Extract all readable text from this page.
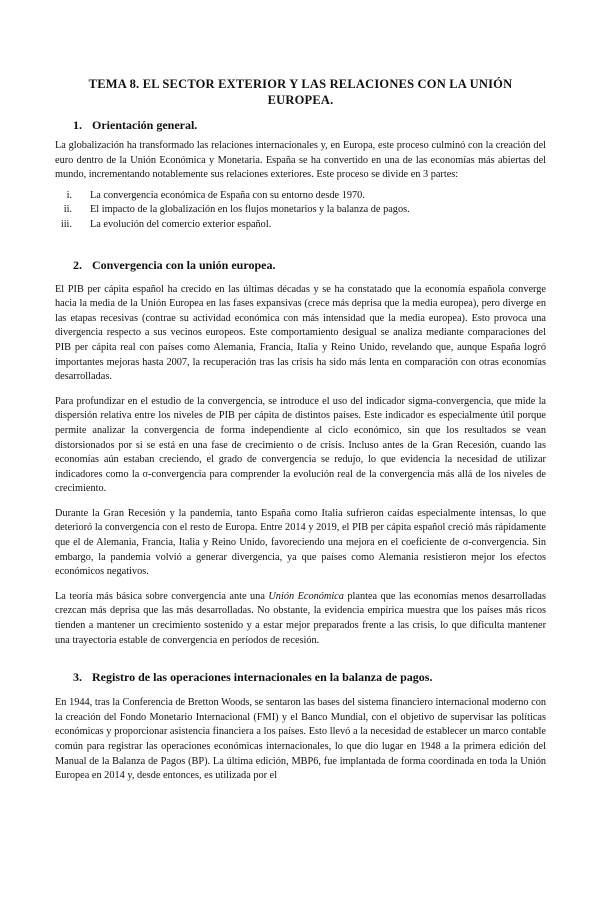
TEMA 8. EL SECTOR EXTERIOR Y LAS RELACIONES CON LA UNIÓN EUROPEA.
1. Orientación general.

La globalización ha transformado las relaciones internacionales y, en Europa, este proceso culminó con la creación del euro dentro de la Unión Económica y Monetaria. España se ha convertido en una de las economías más abiertas del mundo, incrementando notablemente sus relaciones exteriores. Este proceso se divide en 3 partes:

i. La convergencia económica de España con su entorno desde 1970.
ii. El impacto de la globalización en los flujos monetarios y la balanza de pagos.
iii. La evolución del comercio exterior español.
2. Convergencia con la unión europea.

El PIB per cápita español ha crecido en las últimas décadas y se ha constatado que la economía española converge hacia la media de la Unión Europea en las fases expansivas (crece más deprisa que la media europea), pero diverge en las etapas recesivas (contrae su actividad económica con más intensidad que la media europea). Esto provoca una divergencia respecto a sus vecinos europeos. Este comportamiento desigual se analiza mediante comparaciones del PIB per cápita real con países como Alemania, Francia, Italia y Reino Unido, revelando que, aunque España logró importantes mejoras hasta 2007, la recuperación tras las crisis ha sido más lenta en comparación con otras economías desarrolladas.

Para profundizar en el estudio de la convergencia, se introduce el uso del indicador sigma-convergencia, que mide la dispersión relativa entre los niveles de PIB per cápita de distintos países. Este indicador es especialmente útil porque permite analizar la convergencia de forma independiente al ciclo económico, sin que los resultados se vean distorsionados por si se está en una fase de crecimiento o de crisis. Incluso antes de la Gran Recesión, cuando las economías aún estaban creciendo, el grado de convergencia se redujo, lo que evidencia la necesidad de utilizar indicadores como la σ-convergencia para comprender la evolución real de la convergencia más allá de los niveles de crecimiento.

Durante la Gran Recesión y la pandemia, tanto España como Italia sufrieron caídas especialmente intensas, lo que deterioró la convergencia con el resto de Europa. Entre 2014 y 2019, el PIB per cápita español creció más rápidamente que el de Alemania, Francia, Italia y Reino Unido, favoreciendo una mejora en el coeficiente de σ-convergencia. Sin embargo, la pandemia volvió a generar divergencia, ya que países como Alemania resistieron mejor los efectos económicos negativos.

La teoría más básica sobre convergencia ante una Unión Económica plantea que las economías menos desarrolladas crezcan más deprisa que las más desarrolladas. No obstante, la evidencia empírica muestra que los países más ricos tienden a mantener un crecimiento sostenido y a estar mejor preparados frente a las crisis, lo que dificulta mantener una trayectoria estable de convergencia en períodos de recesión.

3. Registro de las operaciones internacionales en la balanza de pagos.

En 1944, tras la Conferencia de Bretton Woods, se sentaron las bases del sistema financiero internacional moderno con la creación del Fondo Monetario Internacional (FMI) y el Banco Mundial, con el objetivo de supervisar las políticas económicas y proporcionar asistencia financiera a los países. Esto llevó a la necesidad de establecer un marco contable común para registrar las operaciones económicas internacionales, lo que dio lugar en 1948 a la primera edición del Manual de la Balanza de Pagos (BP). La última edición, MBP6, fue implantada de forma coordinada en toda la Unión Europea en 2014 y, desde entonces, es utilizada por el
